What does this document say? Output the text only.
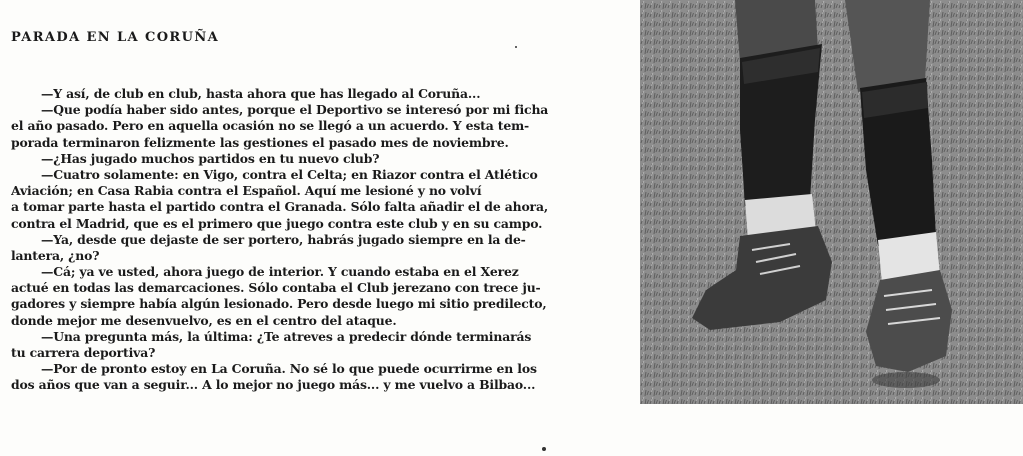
PARADA EN LA CORUÑA
—Y así, de club en club, hasta ahora que has llegado al Coruña...
—Que podía haber sido antes, porque el Deportivo se interesó por mi ficha
el año pasado. Pero en aquella ocasión no se llegó a un acuerdo. Y esta tem-
porada terminaron felizmente las gestiones el pasado mes de noviembre.
—¿Has jugado muchos partidos en tu nuevo club?
—Cuatro solamente: en Vigo, contra el Celta; en Riazor contra el Atlético
Aviación; en Casa Rabia contra el Español. Aquí me lesioné y no volví
a tomar parte hasta el partido contra el Granada. Sólo falta añadir el de ahora,
contra el Madrid, que es el primero que juego contra este club y en su campo.
—Ya, desde que dejaste de ser portero, habrás jugado siempre en la de-
lantera, ¿no?
—Cá; ya ve usted, ahora juego de interior. Y cuando estaba en el Xerez
actué en todas las demarcaciones. Sólo contaba el Club jerezano con trece ju-
gadores y siempre había algún lesionado. Pero desde luego mi sitio predilecto,
donde mejor me desenvuelvo, es en el centro del ataque.
—Una pregunta más, la última: ¿Te atreves a predecir dónde terminarás
tu carrera deportiva?
—Por de pronto estoy en La Coruña. No sé lo que puede ocurrirme en los
dos años que van a seguir... A lo mejor no juego más... y me vuelvo a Bilbao...
